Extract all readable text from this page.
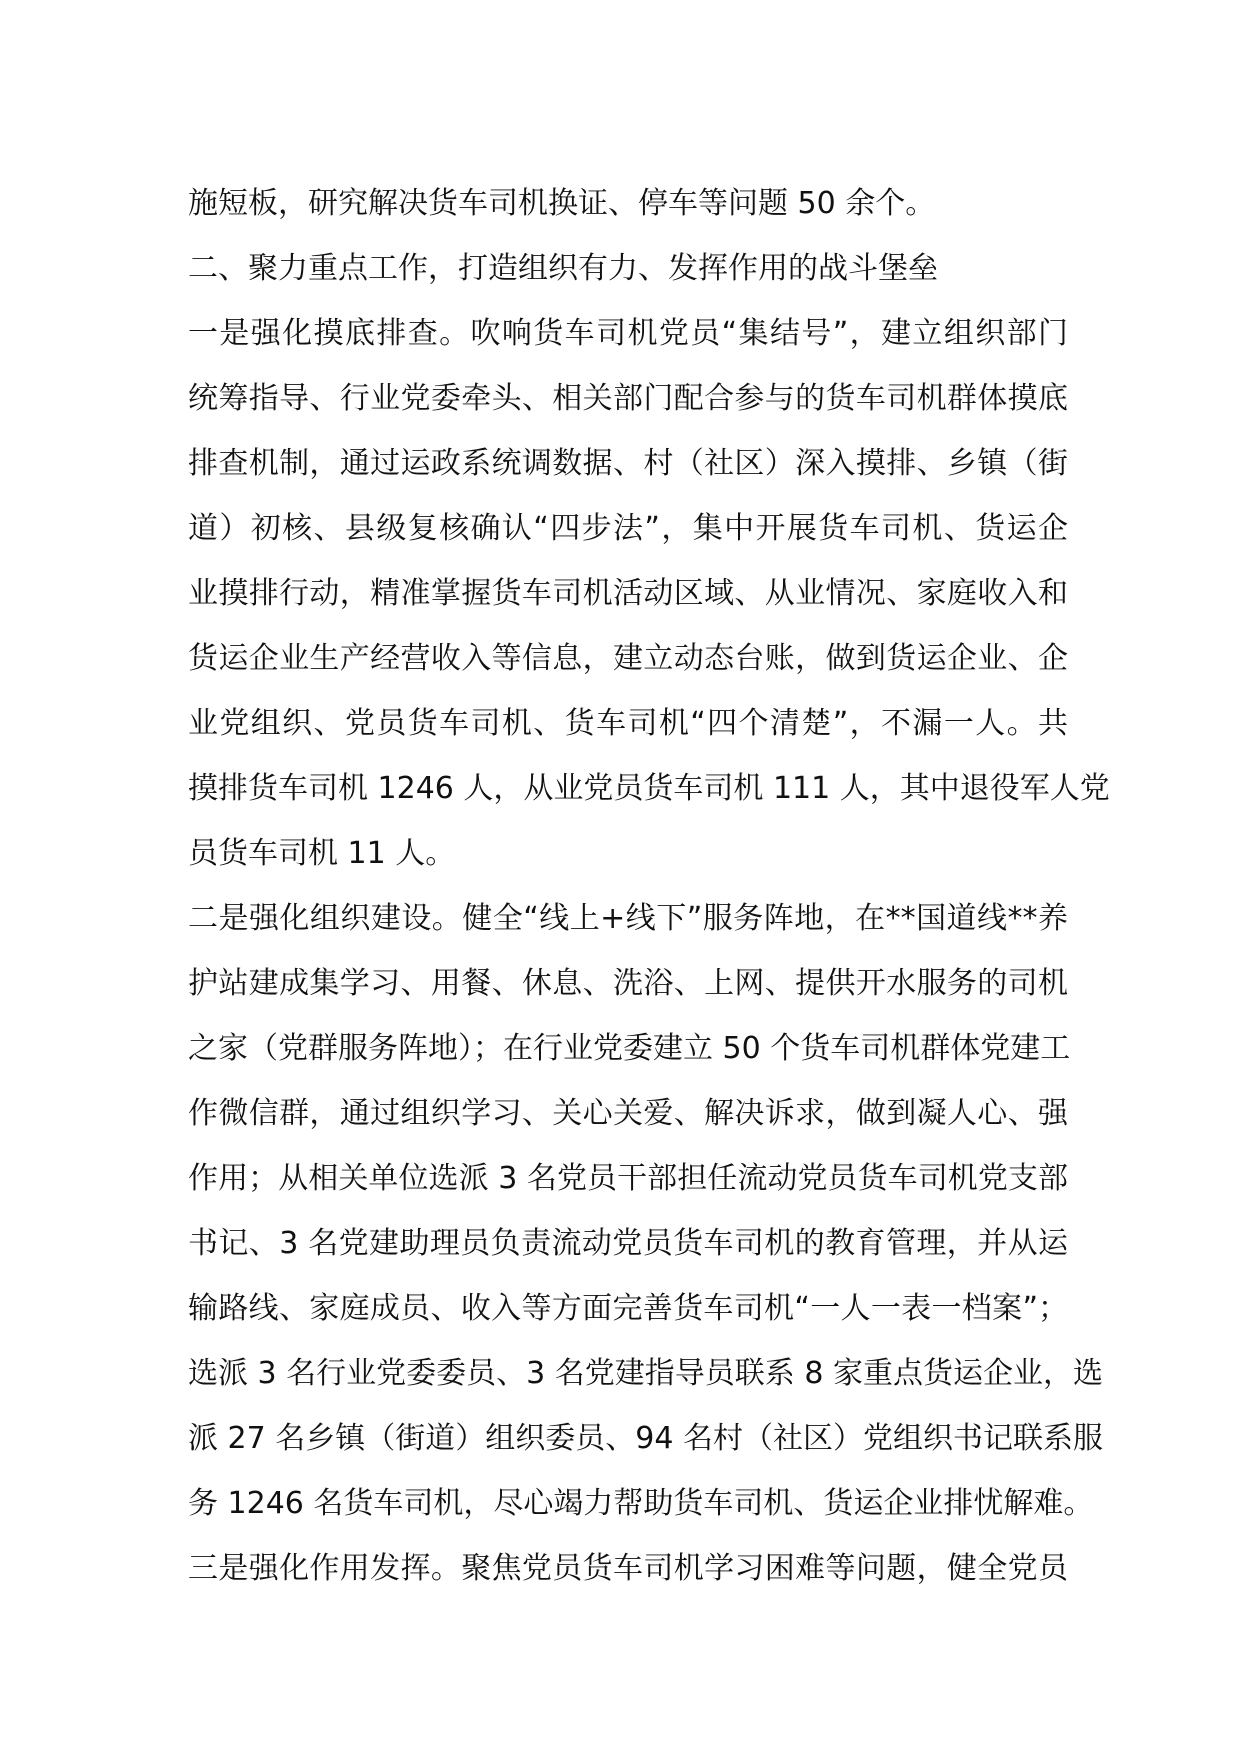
施短板，研究解决货车司机换证、停车等问题 50 余个。
二、聚力重点工作，打造组织有力、发挥作用的战斗堡垒
一是强化摸底排查。吹响货车司机党员“集结号”，建立组织部门
统筹指导、行业党委牵头、相关部门配合参与的货车司机群体摸底
排查机制，通过运政系统调数据、村（社区）深入摸排、乡镇（街
道）初核、县级复核确认“四步法”，集中开展货车司机、货运企
业摸排行动，精准掌握货车司机活动区域、从业情况、家庭收入和
货运企业生产经营收入等信息，建立动态台账，做到货运企业、企
业党组织、党员货车司机、货车司机“四个清楚”，不漏一人。共
摸排货车司机 1246 人，从业党员货车司机 111 人，其中退役军人党
员货车司机 11 人。
二是强化组织建设。健全“线上+线下”服务阵地，在**国道线**养
护站建成集学习、用餐、休息、洗浴、上网、提供开水服务的司机
之家（党群服务阵地）；在行业党委建立 50 个货车司机群体党建工
作微信群，通过组织学习、关心关爱、解决诉求，做到凝人心、强
作用；从相关单位选派 3 名党员干部担任流动党员货车司机党支部
书记、3 名党建助理员负责流动党员货车司机的教育管理，并从运
输路线、家庭成员、收入等方面完善货车司机“一人一表一档案”；
选派 3 名行业党委委员、3 名党建指导员联系 8 家重点货运企业，选
派 27 名乡镇（街道）组织委员、94 名村（社区）党组织书记联系服
务 1246 名货车司机，尽心竭力帮助货车司机、货运企业排忧解难。
三是强化作用发挥。聚焦党员货车司机学习困难等问题，健全党员
